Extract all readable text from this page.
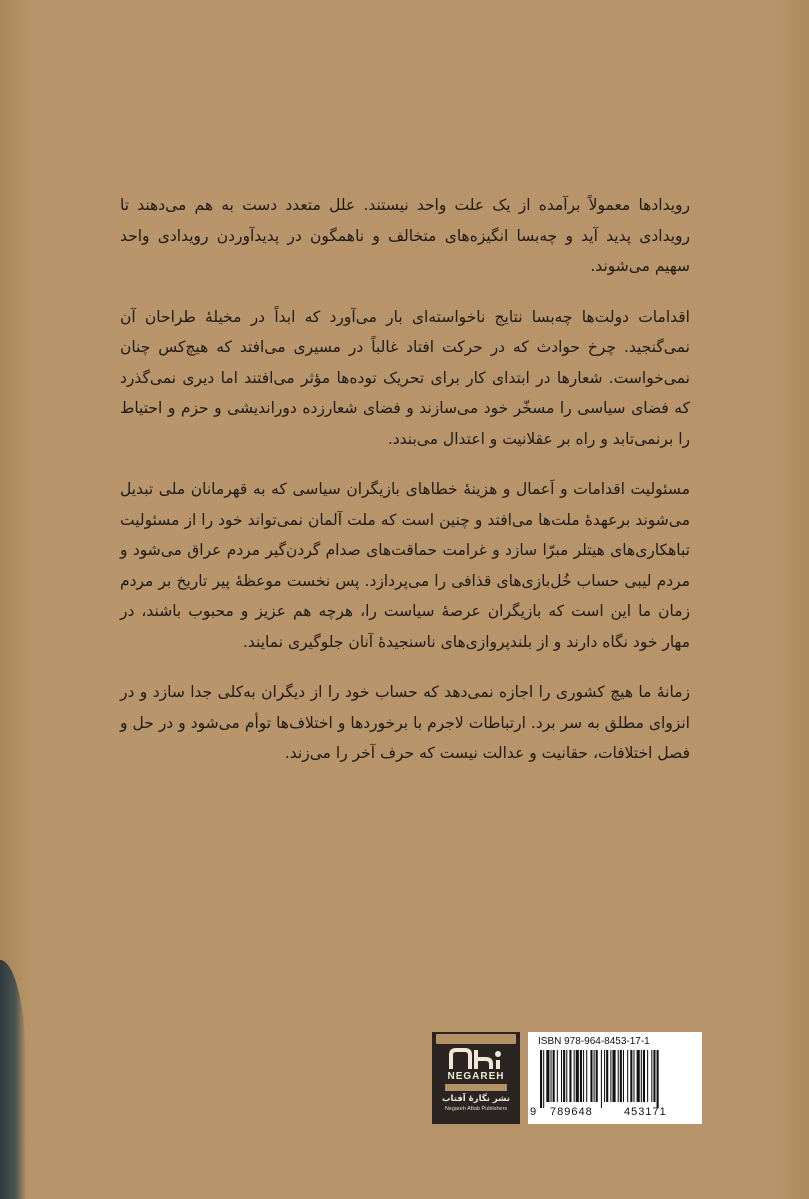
رویدادها معمولاً برآمده از یک علت واحد نیستند. علل متعدد دست به هم می‌دهند تا رویدادی پدید آید و چه‌بسا انگیزه‌های متخالف و ناهمگون در پدیدآوردن رویدادی واحد سهیم می‌شوند.

اقدامات دولت‌ها چه‌بسا نتایج ناخواسته‌ای بار می‌آورد که ابداً در مخیلهٔ طراحان آن نمی‌گنجید. چرخ حوادث که در حرکت افتاد غالباً در مسیری می‌افتد که هیچ‌کس چنان نمی‌خواست. شعارها در ابتدای کار برای تحریک توده‌ها مؤثر می‌افتند اما دیری نمی‌گذرد که فضای سیاسی را مسخّر خود می‌سازند و فضای شعارزده دوراندیشی و حزم و احتیاط را برنمی‌تابد و راه بر عقلانیت و اعتدال می‌بندد.

مسئولیت اقدامات و اَعمال و هزینهٔ خطاهای بازیگران سیاسی که به قهرمانان ملی تبدیل می‌شوند برعهدهٔ ملت‌ها می‌افتد و چنین است که ملت آلمان نمی‌تواند خود را از مسئولیت تباهکاری‌های هیتلر مبرّا سازد و غرامت حماقت‌های صدام گردن‌گیر مردم عراق می‌شود و مردم لیبی حساب خُل‌بازی‌های قذافی را می‌پردازد. پس نخست موعظهٔ پیر تاریخ بر مردم زمان ما این است که بازیگران عرصهٔ سیاست را، هرچه هم عزیز و محبوب باشند، در مهار خود نگاه دارند و از بلندپروازی‌های ناسنجیدهٔ آنان جلوگیری نمایند.

زمانهٔ ما هیچ کشوری را اجازه نمی‌دهد که حساب خود را از دیگران به‌کلی جدا سازد و در انزوای مطلق به سر برد. ارتباطات لاجرم با برخوردها و اختلاف‌ها توأم می‌شود و در حل و فصل اختلافات، حقانیت و عدالت نیست که حرف آخر را می‌زند.

NEGAREH
نشر نگارهٔ آفتاب
Negareh Aftab Publishers
ISBN 978-964-8453-17-1
9 789648	453171
